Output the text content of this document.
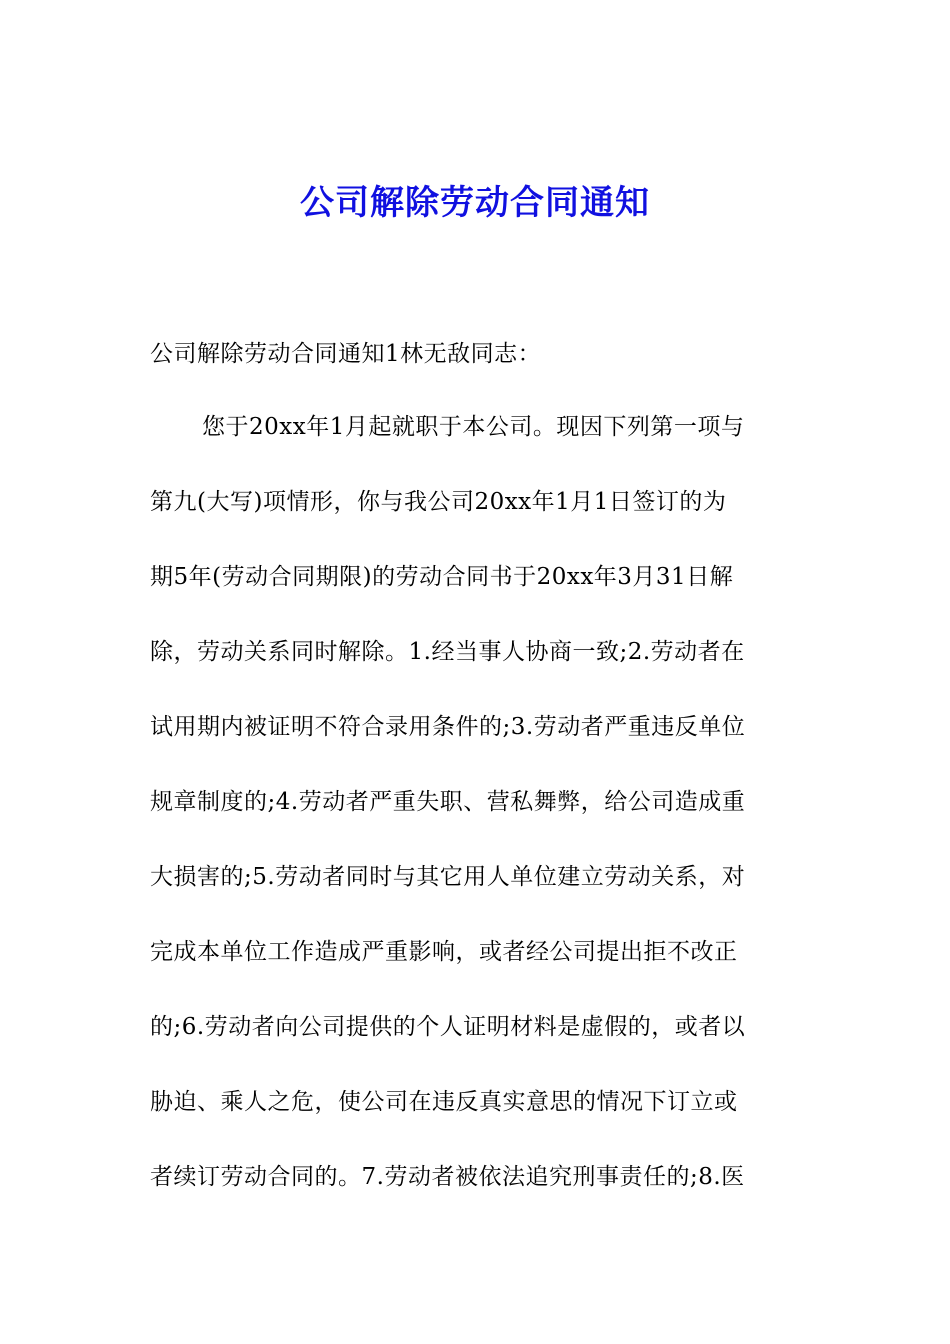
公司解除劳动合同通知
公司解除劳动合同通知1林无敌同志：
您于20xx年1月起就职于本公司。现因下列第一项与
第九(大写)项情形，你与我公司20xx年1月1日签订的为
期5年(劳动合同期限)的劳动合同书于20xx年3月31日解
除，劳动关系同时解除。1.经当事人协商一致;2.劳动者在
试用期内被证明不符合录用条件的;3.劳动者严重违反单位
规章制度的;4.劳动者严重失职、营私舞弊，给公司造成重
大损害的;5.劳动者同时与其它用人单位建立劳动关系，对
完成本单位工作造成严重影响，或者经公司提出拒不改正
的;6.劳动者向公司提供的个人证明材料是虚假的，或者以
胁迫、乘人之危，使公司在违反真实意思的情况下订立或
者续订劳动合同的。7.劳动者被依法追究刑事责任的;8.医
